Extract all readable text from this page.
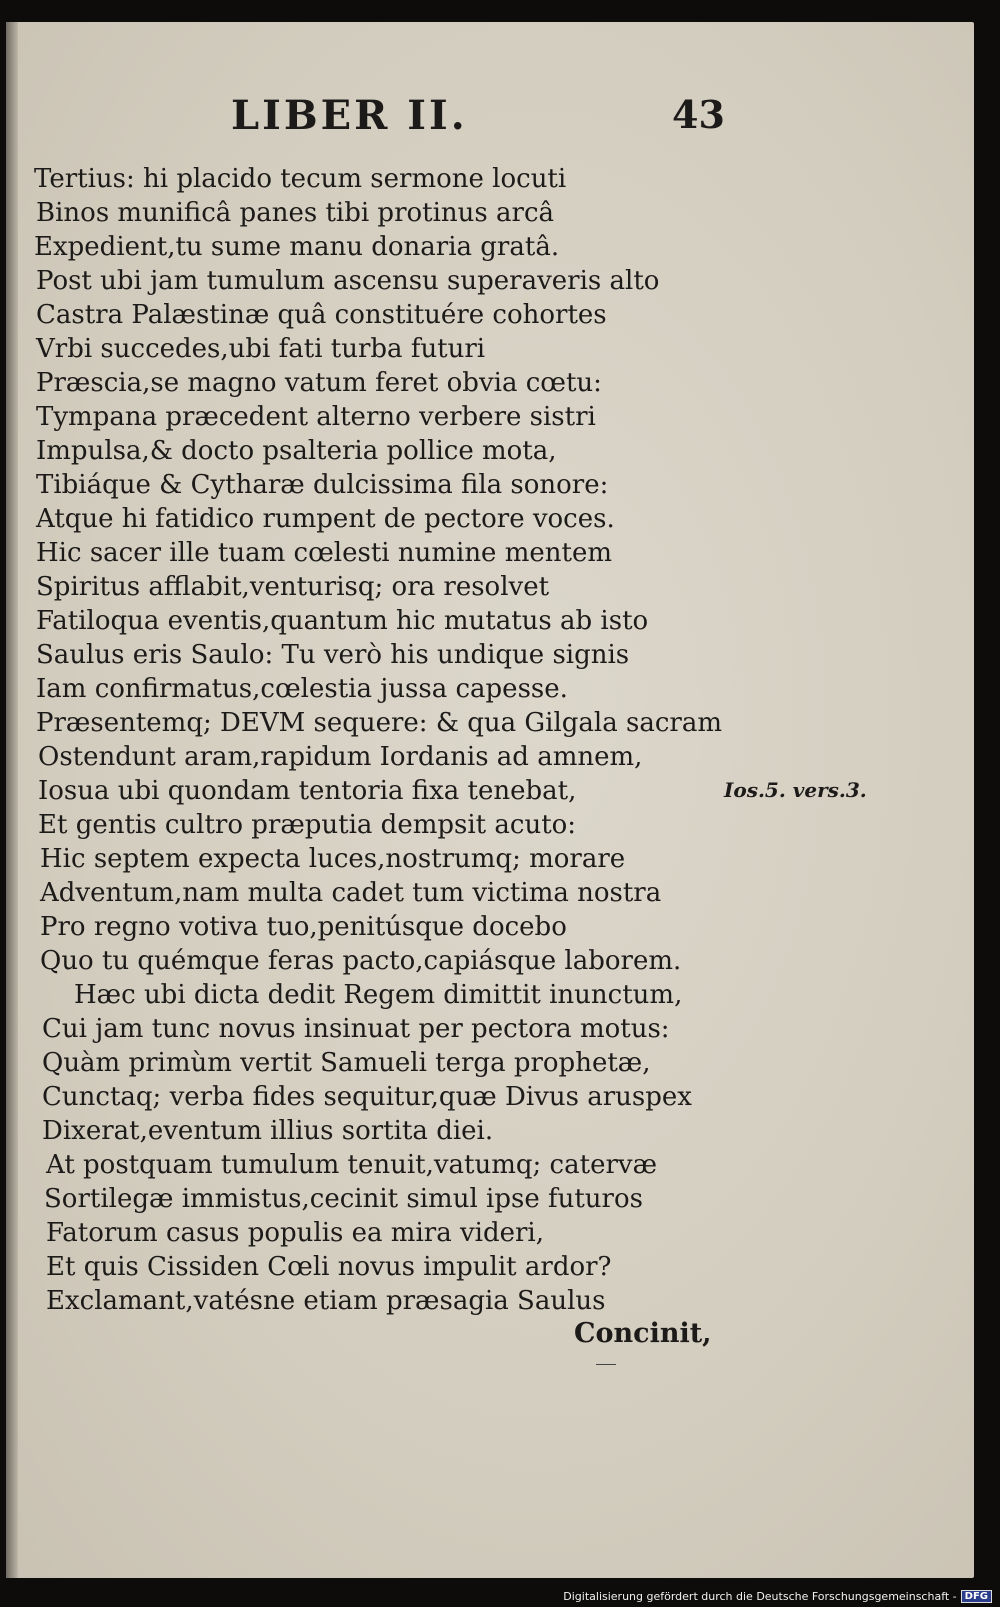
LIBER II.	43
Tertius: hi placido tecum sermone locuti
Binos munificâ panes tibi protinus arcâ
Expedient,tu sume manu donaria gratâ.
Post ubi jam tumulum ascensu superaveris alto
Castra Palæstinæ quâ constituére cohortes
Vrbi succedes,ubi fati turba futuri
Præscia,se magno vatum feret obvia cœtu:
Tympana præcedent alterno verbere sistri
Impulsa,& docto psalteria pollice mota,
Tibiáque & Cytharæ dulcissima fila sonore:
Atque hi fatidico rumpent de pectore voces.
Hic sacer ille tuam cœlesti numine mentem
Spiritus afflabit,venturisq; ora resolvet
Fatiloqua eventis,quantum hic mutatus ab isto
Saulus eris Saulo: Tu verò his undique signis
Iam confirmatus,cœlestia jussa capesse.
Præsentemq; DEVM sequere: & qua Gilgala sacram
Ostendunt aram,rapidum Iordanis ad amnem,
Iosua ubi quondam tentoria fixa tenebat,
Et gentis cultro præputia dempsit acuto:
Hic septem expecta luces,nostrumq; morare
Adventum,nam multa cadet tum victima nostra
Pro regno votiva tuo,penitúsque docebo
Quo tu quémque feras pacto,capiásque laborem.
Hæc ubi dicta dedit Regem dimittit inunctum,
Cui jam tunc novus insinuat per pectora motus:
Quàm primùm vertit Samueli terga prophetæ,
Cunctaq; verba fides sequitur,quæ Divus aruspex
Dixerat,eventum illius sortita diei.
At postquam tumulum tenuit,vatumq; catervæ
Sortilegæ immistus,cecinit simul ipse futuros
Fatorum casus populis ea mira videri,
Et quis Cissiden Cœli novus impulit ardor?
Exclamant,vatésne etiam præsagia Saulus
Ios.5. vers.3.
Concinit,
Digitalisierung gefördert durch die Deutsche Forschungsgemeinschaft - DFG
